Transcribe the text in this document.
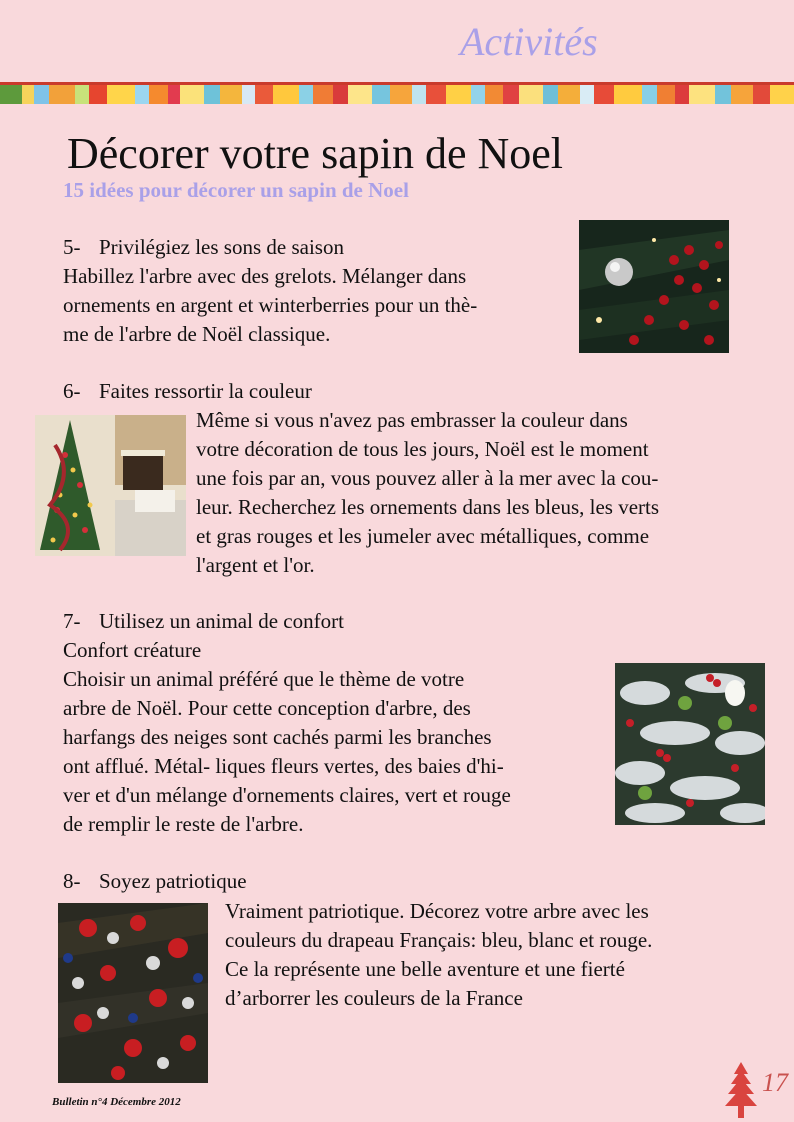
Activités
Décorer votre sapin de Noel
15 idées pour décorer un sapin de Noel
5- Privilégiez les sons de saison
Habillez l'arbre avec des grelots. Mélanger dans
ornements en argent et winterberries pour un thè-
me de l'arbre de Noël classique.
6- Faites ressortir la couleur
Même si vous n'avez pas embrasser la couleur dans
votre décoration de tous les jours, Noël est le moment
une fois par an, vous pouvez aller à la mer avec la cou-
leur. Recherchez les ornements dans les bleus, les verts
et gras rouges et les jumeler avec métalliques, comme
l'argent et l'or.
7- Utilisez un animal de confort
Confort créature
Choisir un animal préféré que le thème de votre
arbre de Noël. Pour cette conception d'arbre, des
harfangs des neiges sont cachés parmi les branches
ont afflué. Métal- liques fleurs vertes, des baies d'hi-
ver et d'un mélange d'ornements claires, vert et rouge
de remplir le reste de l'arbre.
8- Soyez patriotique
Vraiment patriotique. Décorez votre arbre avec les
couleurs du drapeau Français: bleu, blanc et rouge.
Ce la représente une belle aventure et une fierté
d’arborrer les couleurs de la France
Bulletin n°4 Décembre 2012
17
